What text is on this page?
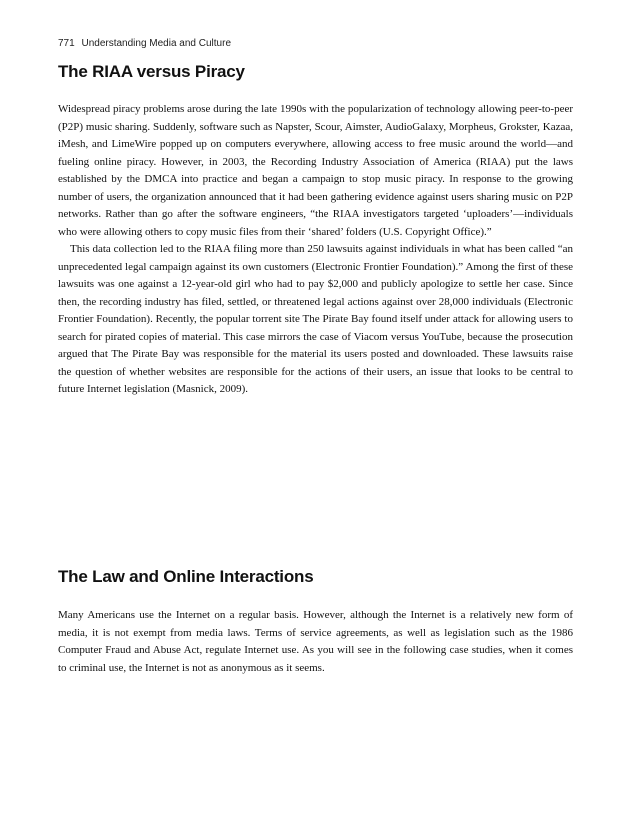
771 Understanding Media and Culture
The RIAA versus Piracy

Widespread piracy problems arose during the late 1990s with the popularization of technology allowing peer-to-peer (P2P) music sharing. Suddenly, software such as Napster, Scour, Aimster, AudioGalaxy, Morpheus, Grokster, Kazaa, iMesh, and LimeWire popped up on computers everywhere, allowing access to free music around the world—and fueling online piracy. However, in 2003, the Recording Industry Association of America (RIAA) put the laws established by the DMCA into practice and began a campaign to stop music piracy. In response to the growing number of users, the organization announced that it had been gathering evidence against users sharing music on P2P networks. Rather than go after the software engineers, “the RIAA investigators targeted ‘uploaders’—individuals who were allowing others to copy music files from their ‘shared’ folders (U.S. Copyright Office).”

This data collection led to the RIAA filing more than 250 lawsuits against individuals in what has been called “an unprecedented legal campaign against its own customers (Electronic Frontier Foundation).” Among the first of these lawsuits was one against a 12-year-old girl who had to pay $2,000 and publicly apologize to settle her case. Since then, the recording industry has filed, settled, or threatened legal actions against over 28,000 individuals (Electronic Frontier Foundation). Recently, the popular torrent site The Pirate Bay found itself under attack for allowing users to search for pirated copies of material. This case mirrors the case of Viacom versus YouTube, because the prosecution argued that The Pirate Bay was responsible for the material its users posted and downloaded. These lawsuits raise the question of whether websites are responsible for the actions of their users, an issue that looks to be central to future Internet legislation (Masnick, 2009).

The Law and Online Interactions

Many Americans use the Internet on a regular basis. However, although the Internet is a relatively new form of media, it is not exempt from media laws. Terms of service agreements, as well as legislation such as the 1986 Computer Fraud and Abuse Act, regulate Internet use. As you will see in the following case studies, when it comes to criminal use, the Internet is not as anonymous as it seems.
